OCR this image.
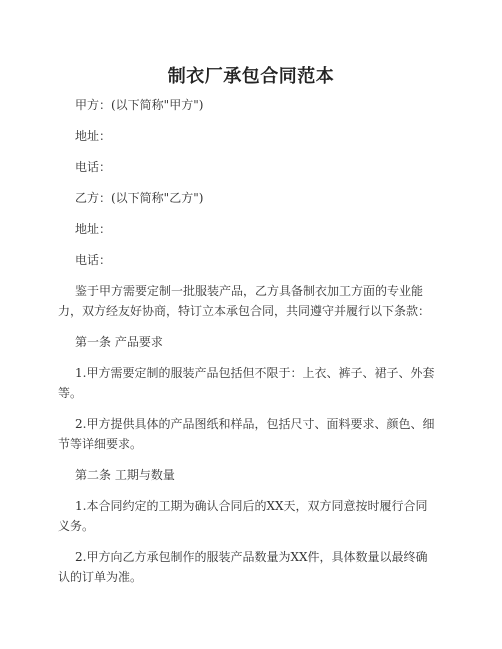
制衣厂承包合同范本

甲方：(以下简称"甲方")

地址：

电话：

乙方：(以下简称"乙方")

地址：

电话：

鉴于甲方需要定制一批服装产品，乙方具备制衣加工方面的专业能力，双方经友好协商，特订立本承包合同，共同遵守并履行以下条款：

第一条 产品要求

1.甲方需要定制的服装产品包括但不限于：上衣、裤子、裙子、外套等。

2.甲方提供具体的产品图纸和样品，包括尺寸、面料要求、颜色、细节等详细要求。

第二条 工期与数量

1.本合同约定的工期为确认合同后的XX天，双方同意按时履行合同义务。

2.甲方向乙方承包制作的服装产品数量为XX件，具体数量以最终确认的订单为准。
